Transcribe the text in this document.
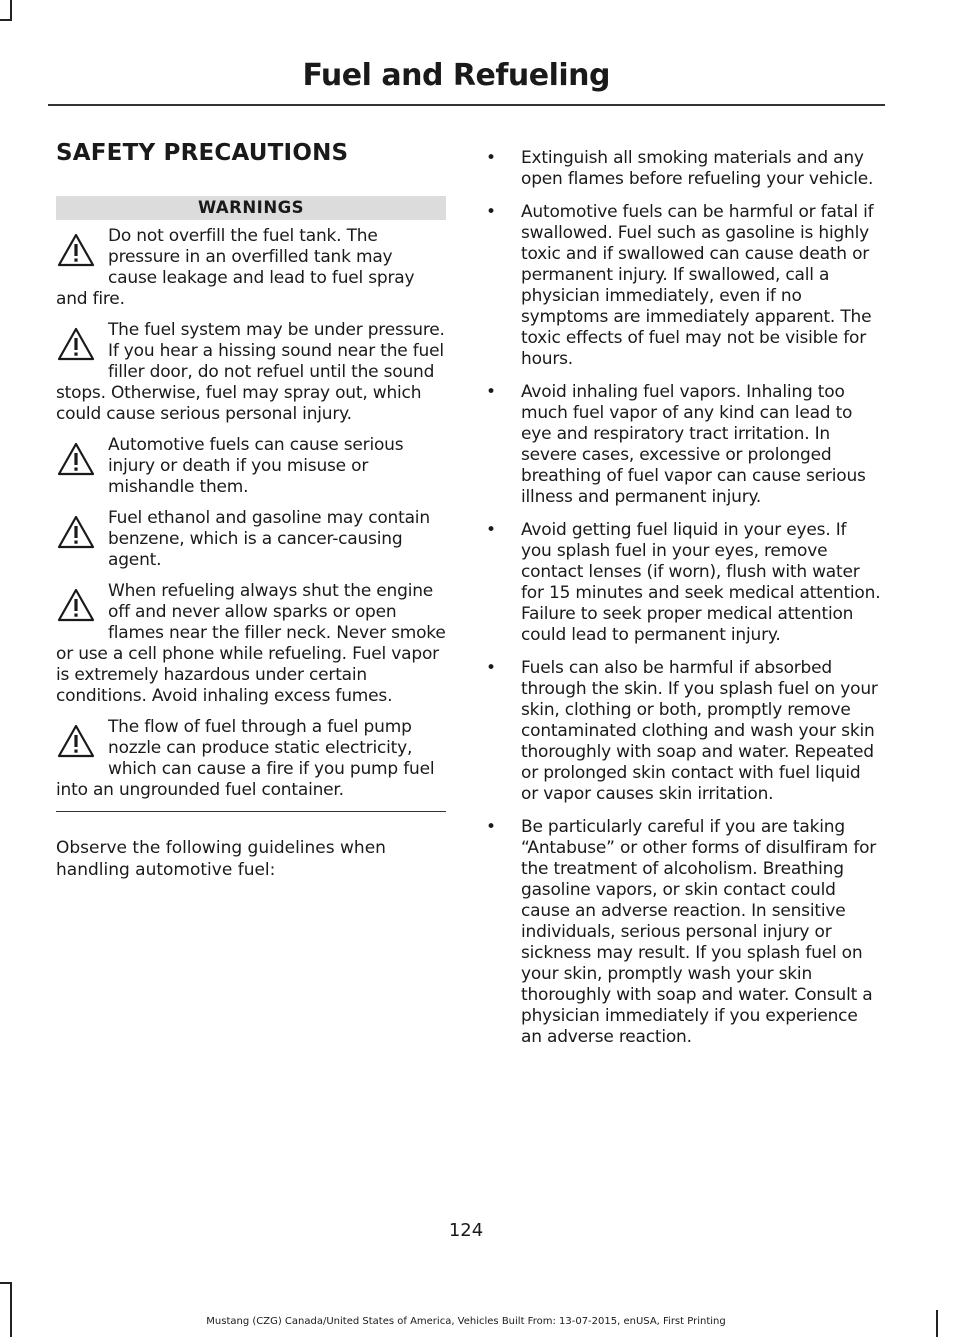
Fuel and Refueling
SAFETY PRECAUTIONS
WARNINGS
Do not overfill the fuel tank. The pressure in an overfilled tank may cause leakage and lead to fuel spray and fire.
The fuel system may be under pressure. If you hear a hissing sound near the fuel filler door, do not refuel until the sound stops. Otherwise, fuel may spray out, which could cause serious personal injury.
Automotive fuels can cause serious injury or death if you misuse or mishandle them.
Fuel ethanol and gasoline may contain benzene, which is a cancer-causing agent.
When refueling always shut the engine off and never allow sparks or open flames near the filler neck. Never smoke or use a cell phone while refueling. Fuel vapor is extremely hazardous under certain conditions. Avoid inhaling excess fumes.
The flow of fuel through a fuel pump nozzle can produce static electricity, which can cause a fire if you pump fuel into an ungrounded fuel container.

Observe the following guidelines when handling automotive fuel:

• Extinguish all smoking materials and any open flames before refueling your vehicle.
• Automotive fuels can be harmful or fatal if swallowed. Fuel such as gasoline is highly toxic and if swallowed can cause death or permanent injury. If swallowed, call a physician immediately, even if no symptoms are immediately apparent. The toxic effects of fuel may not be visible for hours.
• Avoid inhaling fuel vapors. Inhaling too much fuel vapor of any kind can lead to eye and respiratory tract irritation. In severe cases, excessive or prolonged breathing of fuel vapor can cause serious illness and permanent injury.
• Avoid getting fuel liquid in your eyes. If you splash fuel in your eyes, remove contact lenses (if worn), flush with water for 15 minutes and seek medical attention. Failure to seek proper medical attention could lead to permanent injury.
• Fuels can also be harmful if absorbed through the skin. If you splash fuel on your skin, clothing or both, promptly remove contaminated clothing and wash your skin thoroughly with soap and water. Repeated or prolonged skin contact with fuel liquid or vapor causes skin irritation.
• Be particularly careful if you are taking “Antabuse” or other forms of disulfiram for the treatment of alcoholism. Breathing gasoline vapors, or skin contact could cause an adverse reaction. In sensitive individuals, serious personal injury or sickness may result. If you splash fuel on your skin, promptly wash your skin thoroughly with soap and water. Consult a physician immediately if you experience an adverse reaction.
124
Mustang (CZG) Canada/United States of America, Vehicles Built From: 13-07-2015, enUSA, First Printing
